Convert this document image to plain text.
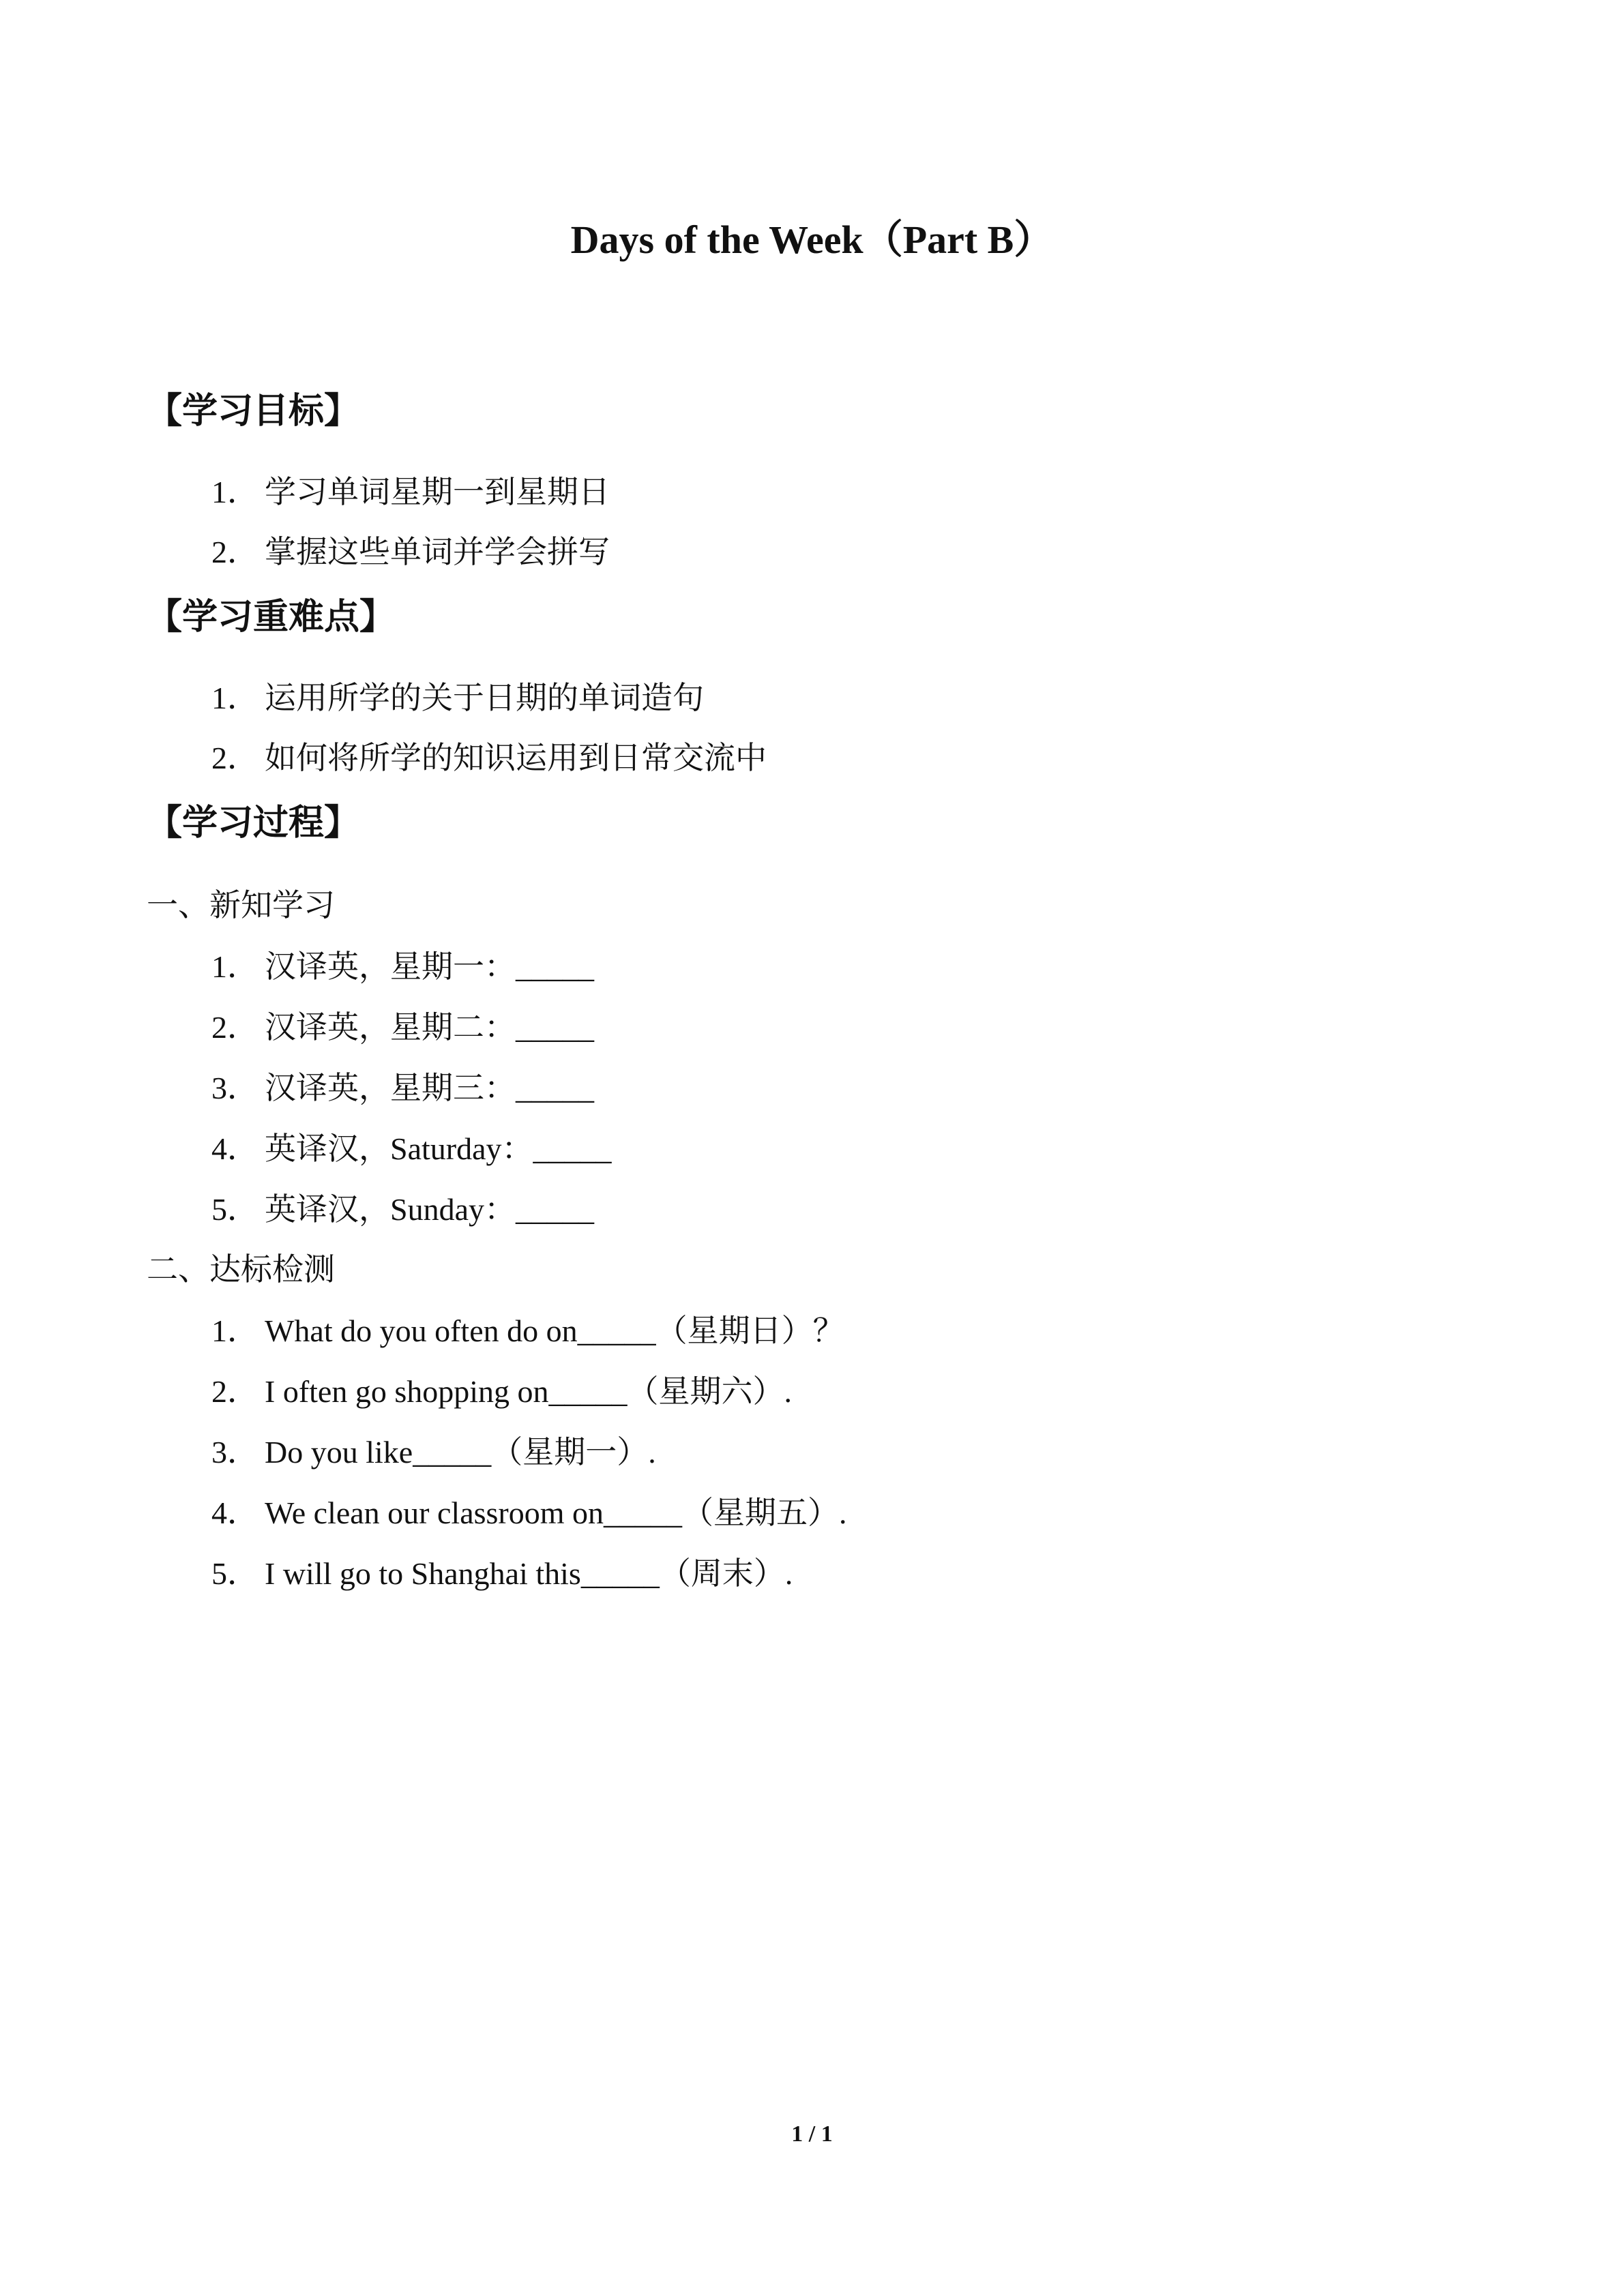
Days of the Week（Part B）
【学习目标】
1． 学习单词星期一到星期日
2． 掌握这些单词并学会拼写
【学习重难点】
1． 运用所学的关于日期的单词造句
2． 如何将所学的知识运用到日常交流中
【学习过程】
一、新知学习
1． 汉译英，星期一：_____
2． 汉译英，星期二：_____
3． 汉译英，星期三：_____
4． 英译汉，Saturday：_____
5． 英译汉，Sunday：_____
二、达标检测
1． What do you often do on_____（星期日）？
2． I often go shopping on_____（星期六）.
3． Do you like_____（星期一）.
4． We clean our classroom on_____（星期五）.
5． I will go to Shanghai this_____（周末）.
1 / 1
